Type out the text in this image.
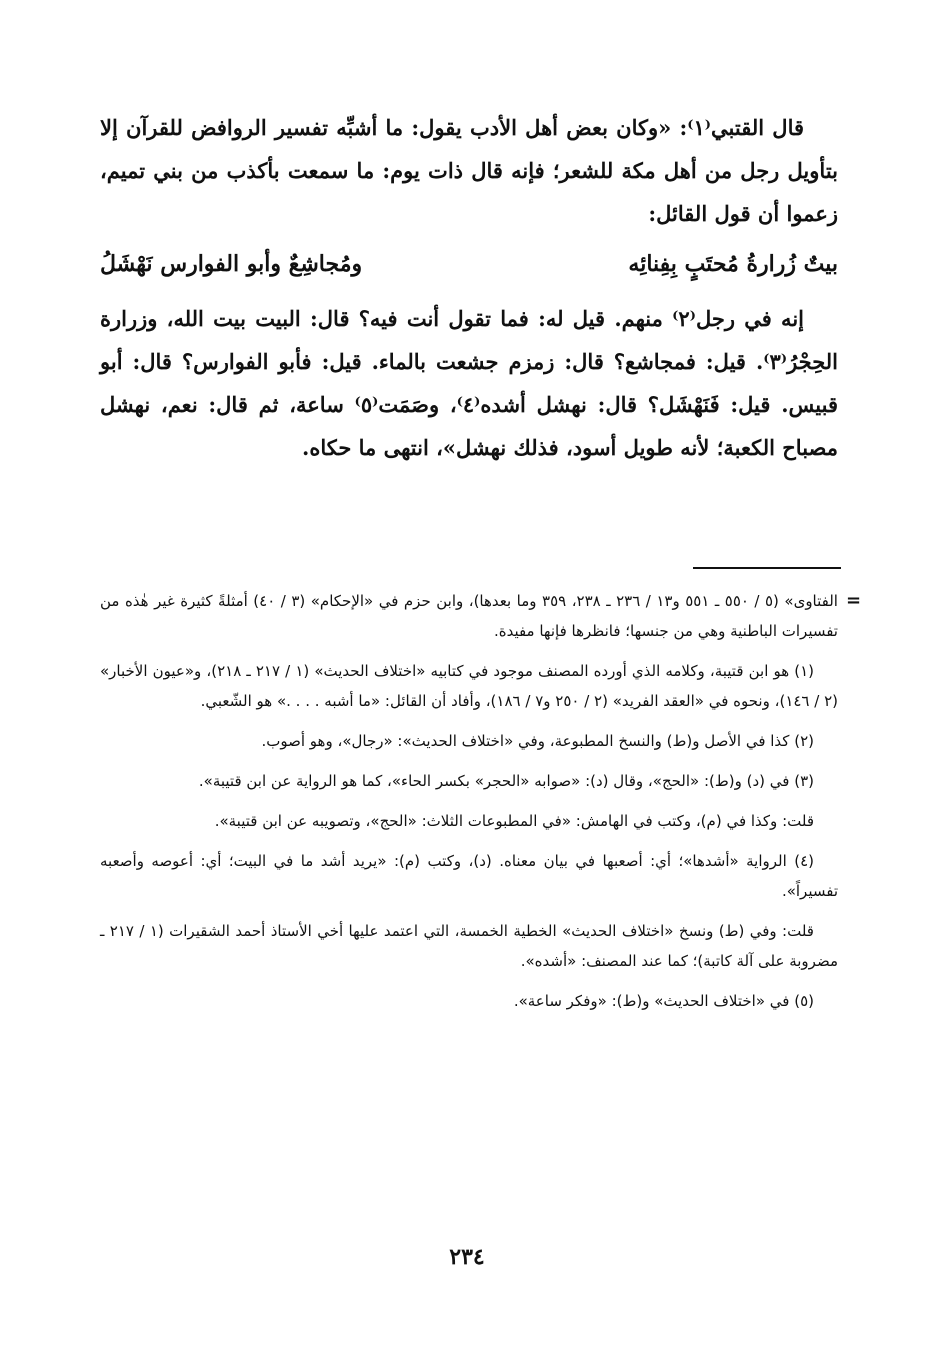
قال القتبي⁽١⁾: «وكان بعض أهل الأدب يقول: ما أشبِّه تفسير الروافض للقرآن إلا بتأويل رجل من أهل مكة للشعر؛ فإنه قال ذات يوم: ما سمعت بأكذب من بني تميم، زعموا أن قول القائل:

بيتٌ زُرارةُ مُحتَبٍ بِفِنائِه
ومُجاشِعٌ وأبو الفوارس نَهْشَلُ

إنه في رجل⁽٢⁾ منهم. قيل له: فما تقول أنت فيه؟ قال: البيت بيت الله، وزرارة الحِجْرُ⁽٣⁾. قيل: فمجاشع؟ قال: زمزم جشعت بالماء. قيل: فأبو الفوارس؟ قال: أبو قبيس. قيل: فَنَهْشَل؟ قال: نهشل أشده⁽٤⁾، وصَمَت⁽٥⁾ ساعة، ثم قال: نعم، نهشل مصباح الكعبة؛ لأنه طويل أسود، فذلك نهشل»، انتهى ما حكاه.

=

الفتاوى» (٥ / ٥٥٠ ـ ٥٥١ و١٣ / ٢٣٦ ـ ٢٣٨، ٣٥٩ وما بعدها)، وابن حزم في «الإحكام» (٣ / ٤٠) أمثلةً كثيرة غير هٰذه من تفسيرات الباطنية وهي من جنسها؛ فانظرها فإنها مفيدة.

(١) هو ابن قتيبة، وكلامه الذي أورده المصنف موجود في كتابيه «اختلاف الحديث» (١ / ٢١٧ ـ ٢١٨)، و«عيون الأخبار» (٢ / ١٤٦)، ونحوه في «العقد الفريد» (٢ / ٢٥٠ و٧ / ١٨٦)، وأفاد أن القائل: «ما أشبه . . . .» هو الشّعبي.

(٢) كذا في الأصل و(ط) والنسخ المطبوعة، وفي «اختلاف الحديث»: «رجال»، وهو أصوب.

(٣) في (د) و(ط): «الحج»، وقال (د): «صوابه «الحجر» بكسر الحاء»، كما هو الرواية عن ابن قتيبة».

قلت: وكذا في (م)، وكتب في الهامش: «في المطبوعات الثلاث: «الحج»، وتصويبه عن ابن قتيبة».

(٤) الرواية «أشدها»؛ أي: أصعبها في بيان معناه. (د)، وكتب (م): «يريد أشد ما في البيت؛ أي: أعوصه وأصعبه تفسيراً».

قلت: وفي (ط) ونسخ «اختلاف الحديث» الخطية الخمسة، التي اعتمد عليها أخي الأستاذ أحمد الشقيرات (١ / ٢١٧ ـ مضروبة على آلة كاتبة)؛ كما عند المصنف: «أشده».

(٥) في «اختلاف الحديث» و(ط): «وفكر ساعة».

٢٣٤
